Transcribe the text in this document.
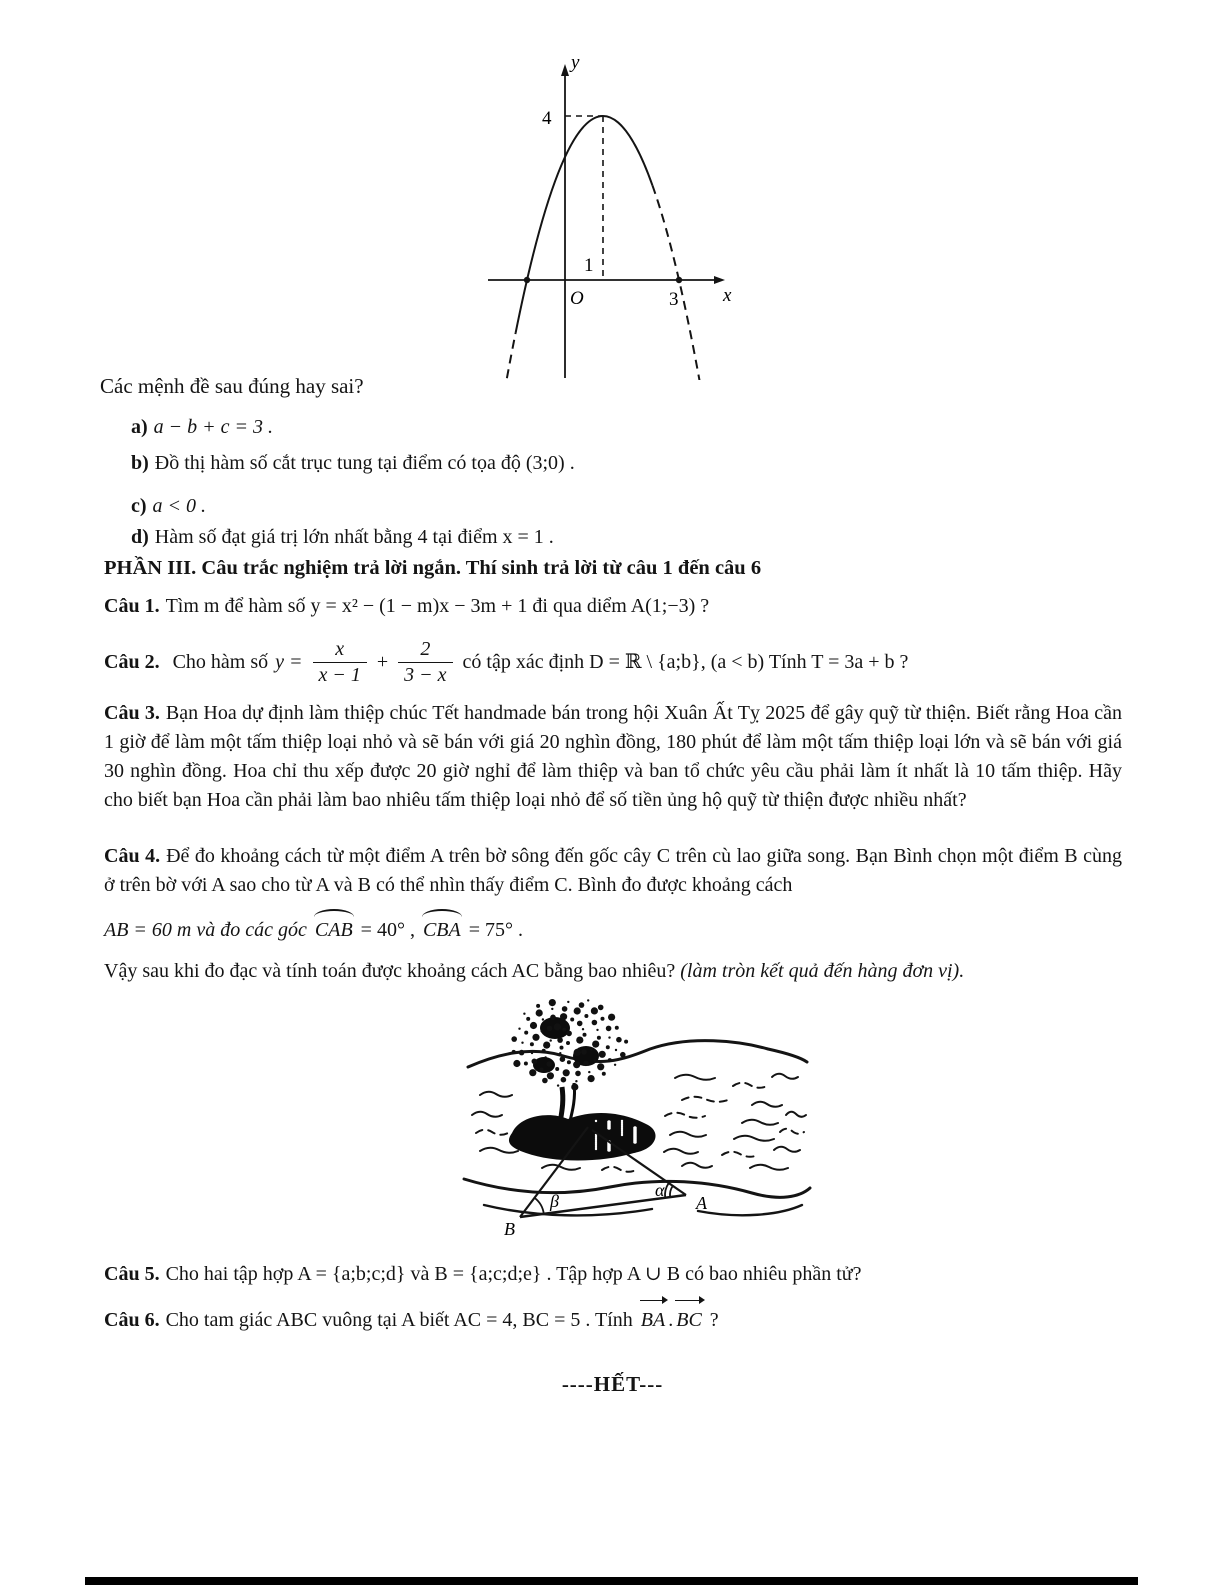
y
x
4
1
O	3
Các mệnh đề sau đúng hay sai?
a) a − b + c = 3 .
b) Đồ thị hàm số cắt trục tung tại điểm có tọa độ (3;0) .
c) a < 0 .
d) Hàm số đạt giá trị lớn nhất bằng 4 tại điểm x = 1 .
PHẦN III. Câu trắc nghiệm trả lời ngắn. Thí sinh trả lời từ câu 1 đến câu 6
Câu 1. Tìm m để hàm số y = x² − (1 − m)x − 3m + 1 đi qua diểm A(1;−3) ?
Câu 2. Cho hàm số $y = \frac{x}{x - 1} + \frac{2}{3 - x}$ có tập xác định D = ℝ \ {a;b}, (a < b) Tính T = 3a + b ?
Câu 3. Bạn Hoa dự định làm thiệp chúc Tết handmade bán trong hội Xuân Ất Tỵ 2025 để gây quỹ từ thiện. Biết rằng Hoa cần 1 giờ để làm một tấm thiệp loại nhỏ và sẽ bán với giá 20 nghìn đồng, 180 phút để làm một tấm thiệp loại lớn và sẽ bán với giá 30 nghìn đồng. Hoa chỉ thu xếp được 20 giờ nghỉ để làm thiệp và ban tổ chức yêu cầu phải làm ít nhất là 10 tấm thiệp. Hãy cho biết bạn Hoa cần phải làm bao nhiêu tấm thiệp loại nhỏ để số tiền ủng hộ quỹ từ thiện được nhiều nhất?
Câu 4. Để đo khoảng cách từ một điểm A trên bờ sông đến gốc cây C trên cù lao giữa song. Bạn Bình chọn một điểm B cùng ở trên bờ với A sao cho từ A và B có thể nhìn thấy điểm C. Bình đo được khoảng cách
AB = 60 m và đo các góc CAB = 40° , CBA = 75° .
Vậy sau khi đo đạc và tính toán được khoảng cách AC bằng bao nhiêu? (làm tròn kết quả đến hàng đơn vị).
β
α
B
A
Câu 5. Cho hai tập hợp A = {a;b;c;d} và B = {a;c;d;e} . Tập hợp A ∪ B có bao nhiêu phần tử?
Câu 6. Cho tam giác ABC vuông tại A biết AC = 4, BC = 5 . Tính BA . BC ?
----HẾT---
